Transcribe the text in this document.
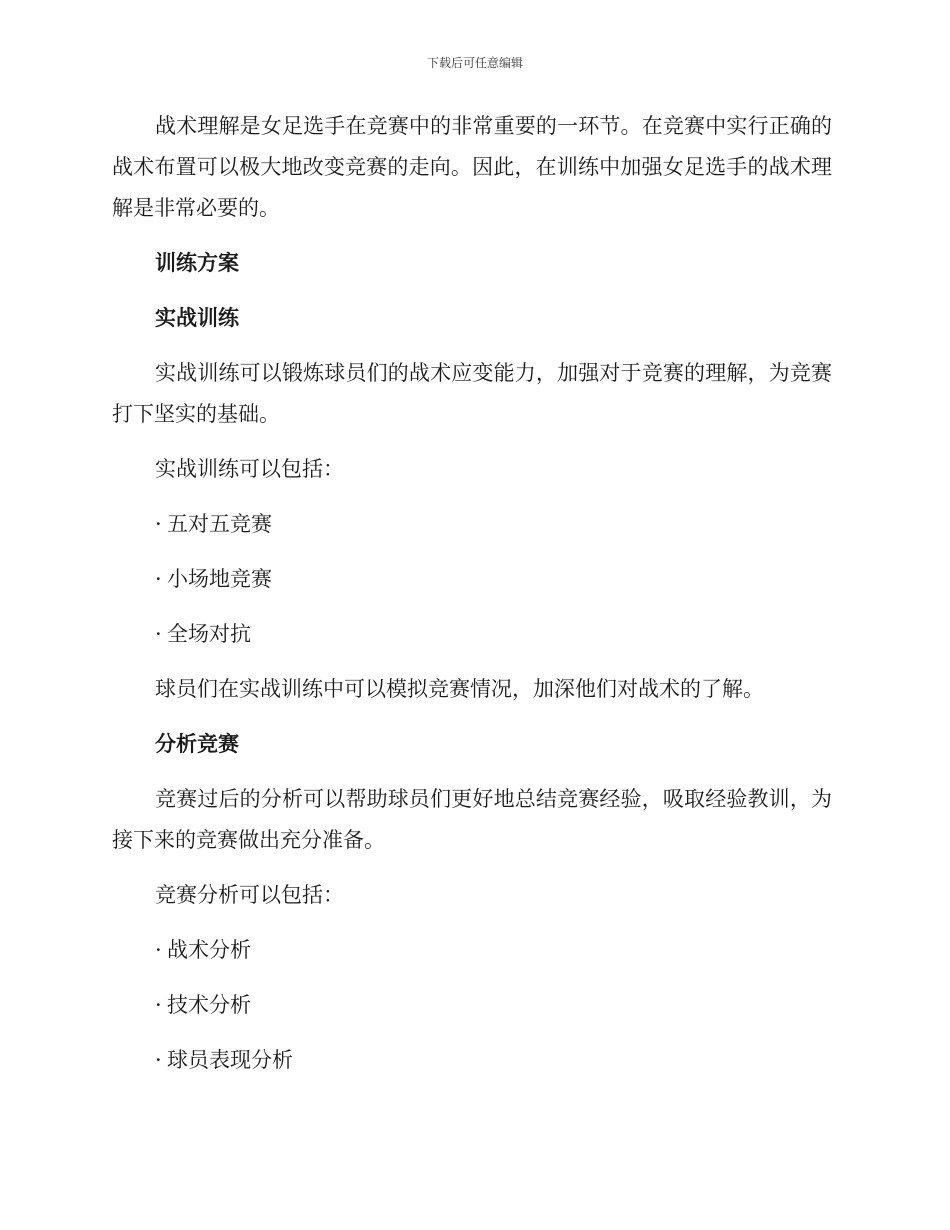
下载后可任意编辑

战术理解是女足选手在竞赛中的非常重要的一环节。在竞赛中实行正确的战术布置可以极大地改变竞赛的走向。因此，在训练中加强女足选手的战术理解是非常必要的。

训练方案
实战训练

实战训练可以锻炼球员们的战术应变能力，加强对于竞赛的理解，为竞赛打下坚实的基础。

实战训练可以包括：

· 五对五竞赛
· 小场地竞赛
· 全场对抗

球员们在实战训练中可以模拟竞赛情况，加深他们对战术的了解。

分析竞赛

竞赛过后的分析可以帮助球员们更好地总结竞赛经验，吸取经验教训，为接下来的竞赛做出充分准备。

竞赛分析可以包括：

· 战术分析
· 技术分析
· 球员表现分析
